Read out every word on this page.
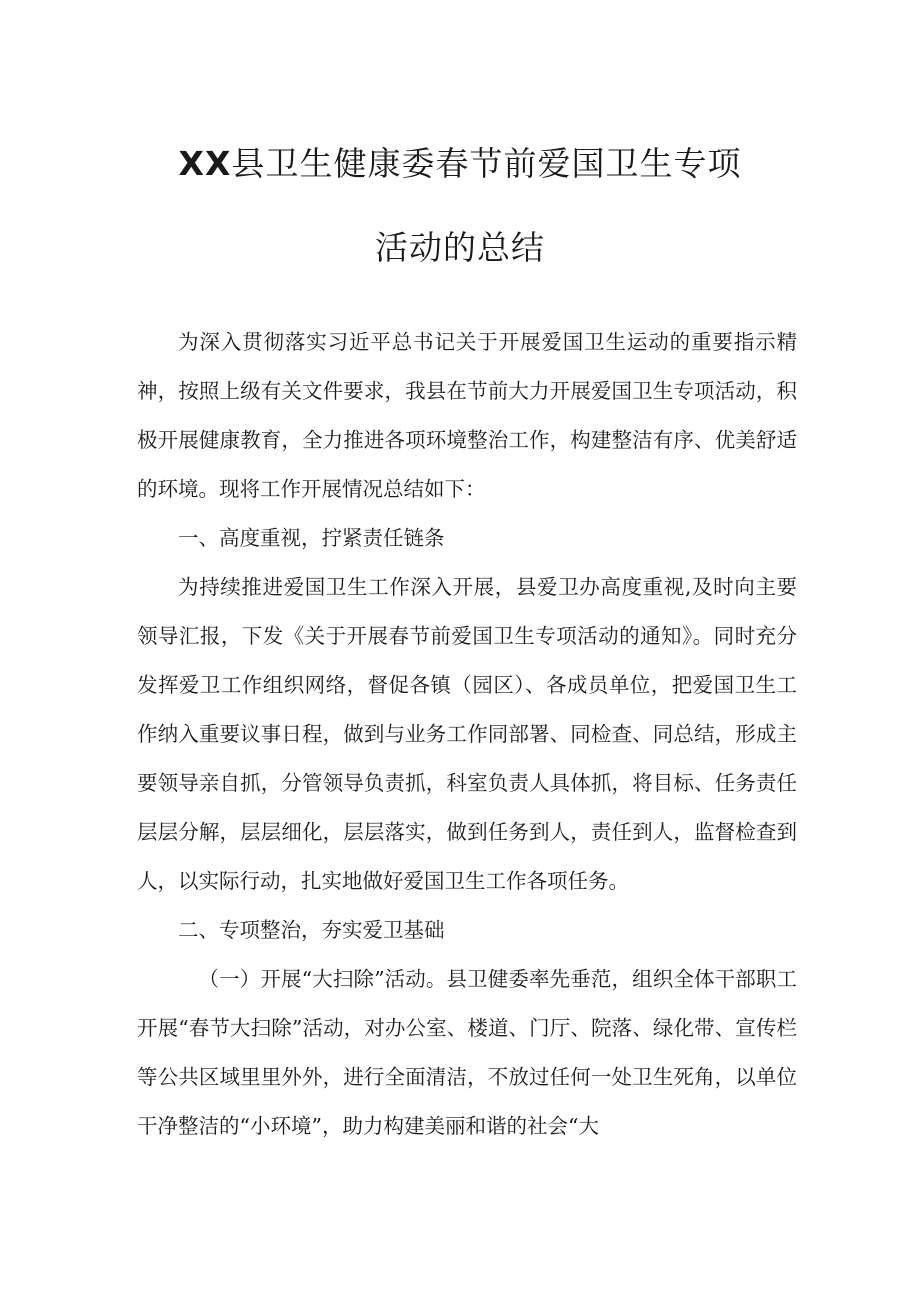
XX县卫生健康委春节前爱国卫生专项
活动的总结

为深入贯彻落实习近平总书记关于开展爱国卫生运动的重要指示精神，按照上级有关文件要求，我县在节前大力开展爱国卫生专项活动，积极开展健康教育，全力推进各项环境整治工作，构建整洁有序、优美舒适的环境。现将工作开展情况总结如下：

一、高度重视，拧紧责任链条

为持续推进爱国卫生工作深入开展，县爱卫办高度重视,及时向主要领导汇报，下发《关于开展春节前爱国卫生专项活动的通知》。同时充分发挥爱卫工作组织网络，督促各镇（园区）、各成员单位，把爱国卫生工作纳入重要议事日程，做到与业务工作同部署、同检查、同总结，形成主要领导亲自抓，分管领导负责抓，科室负责人具体抓，将目标、任务责任层层分解，层层细化，层层落实，做到任务到人，责任到人，监督检查到人，以实际行动，扎实地做好爱国卫生工作各项任务。

二、专项整治，夯实爱卫基础

（一）开展“大扫除”活动。县卫健委率先垂范，组织全体干部职工开展“春节大扫除”活动，对办公室、楼道、门厅、院落、绿化带、宣传栏等公共区域里里外外，进行全面清洁，不放过任何一处卫生死角，以单位干净整洁的“小环境”，助力构建美丽和谐的社会“大
